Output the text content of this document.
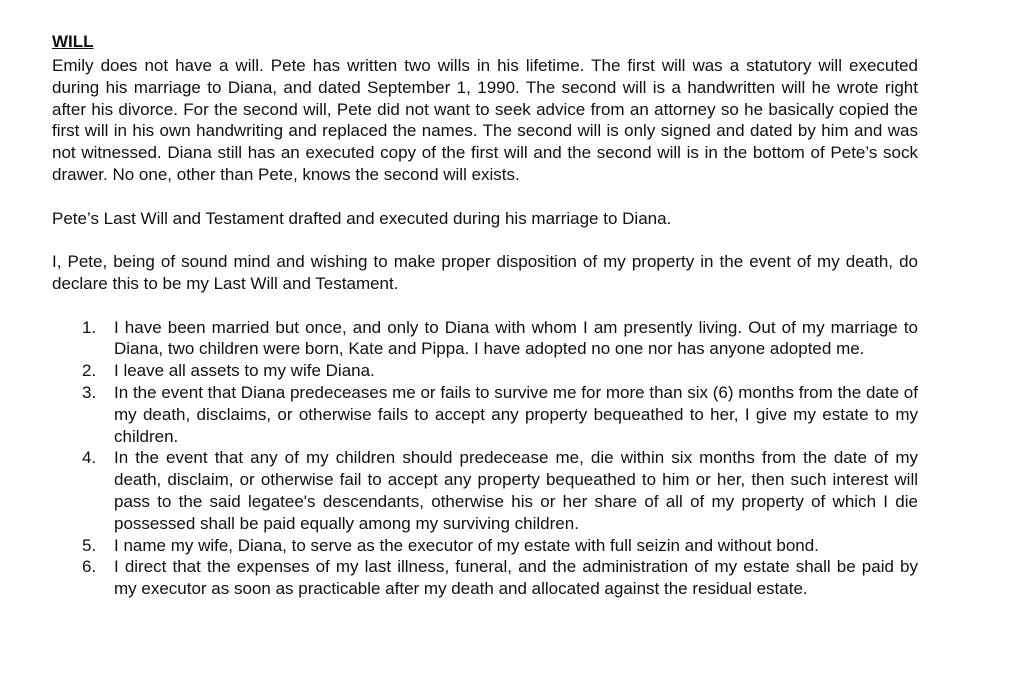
WILL

Emily does not have a will. Pete has written two wills in his lifetime. The first will was a statutory will executed during his marriage to Diana, and dated September 1, 1990. The second will is a handwritten will he wrote right after his divorce. For the second will, Pete did not want to seek advice from an attorney so he basically copied the first will in his own handwriting and replaced the names. The second will is only signed and dated by him and was not witnessed. Diana still has an executed copy of the first will and the second will is in the bottom of Pete’s sock drawer. No one, other than Pete, knows the second will exists.

Pete’s Last Will and Testament drafted and executed during his marriage to Diana.

I, Pete, being of sound mind and wishing to make proper disposition of my property in the event of my death, do declare this to be my Last Will and Testament.

1.	I have been married but once, and only to Diana with whom I am presently living. Out of my marriage to Diana, two children were born, Kate and Pippa. I have adopted no one nor has anyone adopted me.
2.	I leave all assets to my wife Diana.
3.	In the event that Diana predeceases me or fails to survive me for more than six (6) months from the date of my death, disclaims, or otherwise fails to accept any property bequeathed to her, I give my estate to my children.
4.	In the event that any of my children should predecease me, die within six months from the date of my death, disclaim, or otherwise fail to accept any property bequeathed to him or her, then such interest will pass to the said legatee's descendants, otherwise his or her share of all of my property of which I die possessed shall be paid equally among my surviving children.
5.	I name my wife, Diana, to serve as the executor of my estate with full seizin and without bond.
6.	I direct that the expenses of my last illness, funeral, and the administration of my estate shall be paid by my executor as soon as practicable after my death and allocated against the residual estate.
